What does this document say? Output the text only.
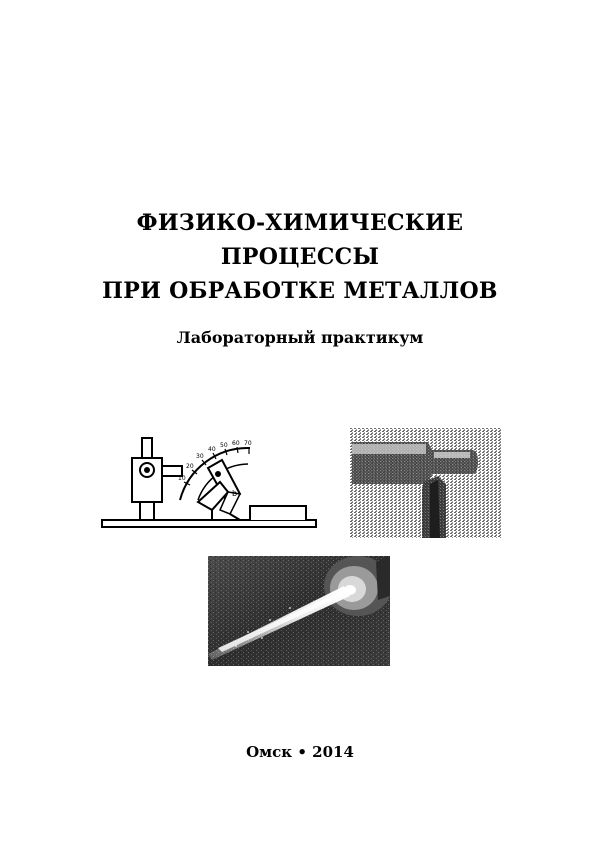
ФИЗИКО-ХИМИЧЕСКИЕ
ПРОЦЕССЫ
ПРИ ОБРАБОТКЕ МЕТАЛЛОВ
Лабораторный практикум
10
20
30
40
50 60 70
b
Омск • 2014
